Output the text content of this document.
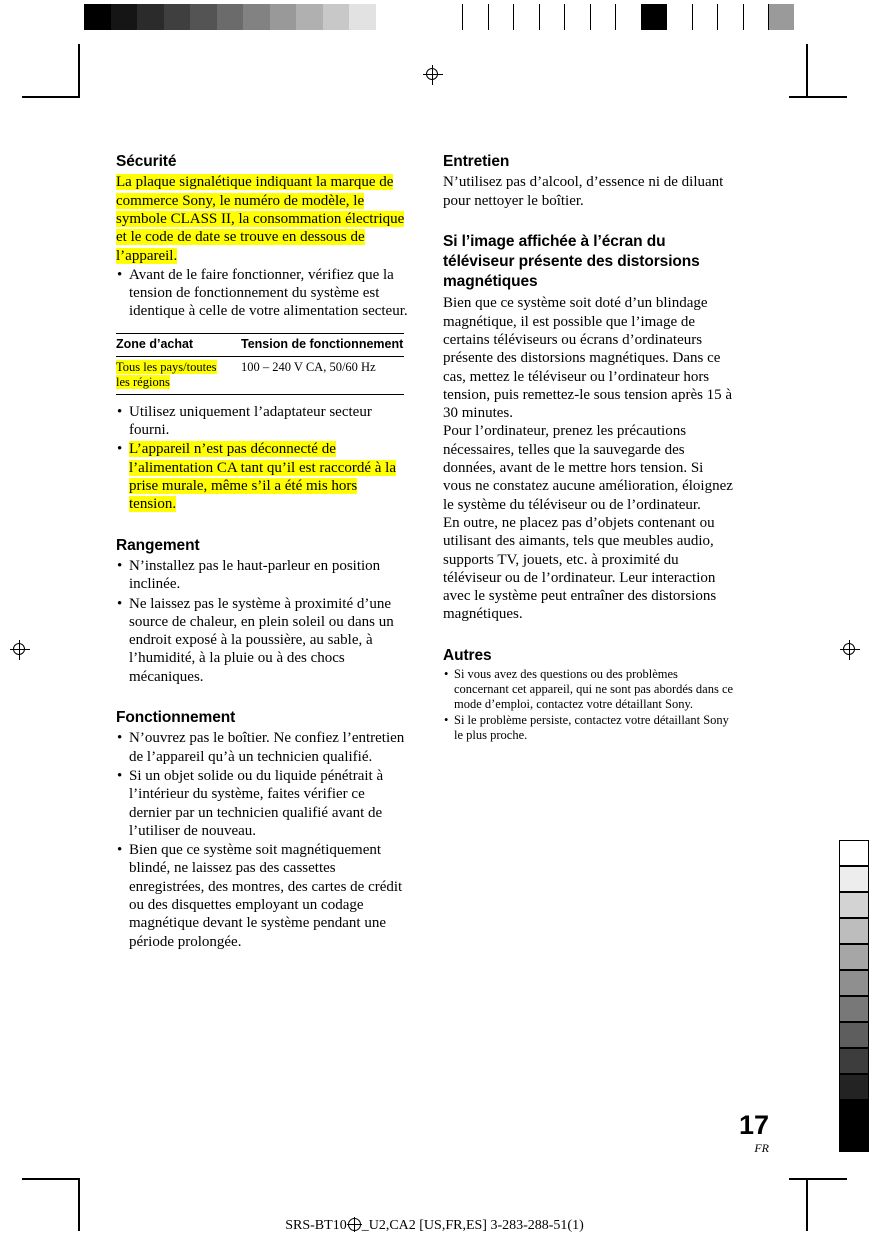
Sécurité

La plaque signalétique indiquant la marque de commerce Sony, le numéro de modèle, le symbole CLASS II, la consommation électrique et le code de date se trouve en dessous de l’appareil.

• Avant de le faire fonctionner, vérifiez que la tension de fonctionnement du système est identique à celle de votre alimentation secteur.
Zone d’achat	Tension de fonctionnement
Tous les pays/toutes les régions	100 – 240 V CA, 50/60 Hz
• Utilisez uniquement l’adaptateur secteur fourni.
• L’appareil n’est pas déconnecté de l’alimentation CA tant qu’il est raccordé à la prise murale, même s’il a été mis hors tension.
Rangement
• N’installez pas le haut-parleur en position inclinée.
• Ne laissez pas le système à proximité d’une source de chaleur, en plein soleil ou dans un endroit exposé à la poussière, au sable, à l’humidité, à la pluie ou à des chocs mécaniques.
Fonctionnement
• N’ouvrez pas le boîtier. Ne confiez l’entretien de l’appareil qu’à un technicien qualifié.
• Si un objet solide ou du liquide pénétrait à l’intérieur du système, faites vérifier ce dernier par un technicien qualifié avant de l’utiliser de nouveau.
• Bien que ce système soit magnétiquement blindé, ne laissez pas des cassettes enregistrées, des montres, des cartes de crédit ou des disquettes employant un codage magnétique devant le système pendant une période prolongée.
Entretien

N’utilisez pas d’alcool, d’essence ni de diluant pour nettoyer le boîtier.

Si l’image affichée à l’écran du téléviseur présente des distorsions magnétiques

Bien que ce système soit doté d’un blindage magnétique, il est possible que l’image de certains téléviseurs ou écrans d’ordinateurs présente des distorsions magnétiques. Dans ce cas, mettez le téléviseur ou l’ordinateur hors tension, puis remettez-le sous tension après 15 à 30 minutes.

Pour l’ordinateur, prenez les précautions nécessaires, telles que la sauvegarde des données, avant de le mettre hors tension. Si vous ne constatez aucune amélioration, éloignez le système du téléviseur ou de l’ordinateur.

En outre, ne placez pas d’objets contenant ou utilisant des aimants, tels que meubles audio, supports TV, jouets, etc. à proximité du téléviseur ou de l’ordinateur. Leur interaction avec le système peut entraîner des distorsions magnétiques.

Autres
• Si vous avez des questions ou des problèmes concernant cet appareil, qui ne sont pas abordés dans ce mode d’emploi, contactez votre détaillant Sony.
• Si le problème persiste, contactez votre détaillant Sony le plus proche.
17
FR
SRS-BT10 _U2,CA2 [US,FR,ES] 3-283-288-51(1)
